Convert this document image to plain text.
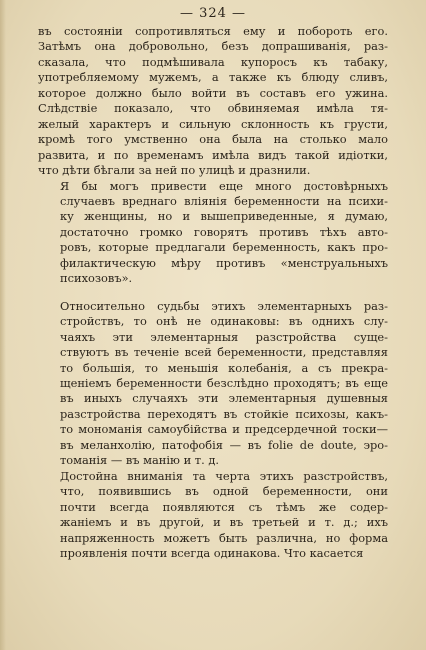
— 324 —
въ состояніи сопротивляться ему и побороть его.
Затѣмъ она добровольно, безъ допрашиванія, раз-
сказала, что подмѣшивала купоросъ къ табаку,
употребляемому мужемъ, а также къ блюду сливъ,
которое должно было войти въ составъ его ужина.
Слѣдствіе показало, что обвиняемая имѣла тя-
желый характеръ и сильную склонность къ грусти,
кромѣ того умственно она была на столько мало
развита, и по временамъ имѣла видъ такой идіотки,
что дѣти бѣгали за ней по улицѣ и дразнили.
Я бы могъ привести еще много достовѣрныхъ
случаевъ вреднаго вліянія беременности на психи-
ку женщины, но и вышеприведенные, я думаю,
достаточно громко говорятъ противъ тѣхъ авто-
ровъ, которые предлагали беременность, какъ про-
филактическую мѣру противъ «менструальныхъ
психозовъ».
Относительно судьбы этихъ элементарныхъ раз-
стройствъ, то онѣ не одинаковы: въ однихъ слу-
чаяхъ эти элементарныя разстройства суще-
ствуютъ въ теченіе всей беременности, представляя
то большія, то меньшія колебанія, а съ прекра-
щеніемъ беременности безслѣдно проходятъ; въ еще
въ иныхъ случаяхъ эти элементарныя душевныя
разстройства переходятъ въ стойкіе психозы, какъ-
то мономанія самоубійства и предсердечной тоски—
въ меланхолію, патофобія — въ folie de doute, эро-
томанія — въ манію и т. д.
Достойна вниманія та черта этихъ разстройствъ,
что, появившись въ одной беременности, они
почти всегда появляются съ тѣмъ же содер-
жаніемъ и въ другой, и въ третьей и т. д.; ихъ
напряженность можетъ быть различна, но форма
проявленія почти всегда одинакова. Что касается
